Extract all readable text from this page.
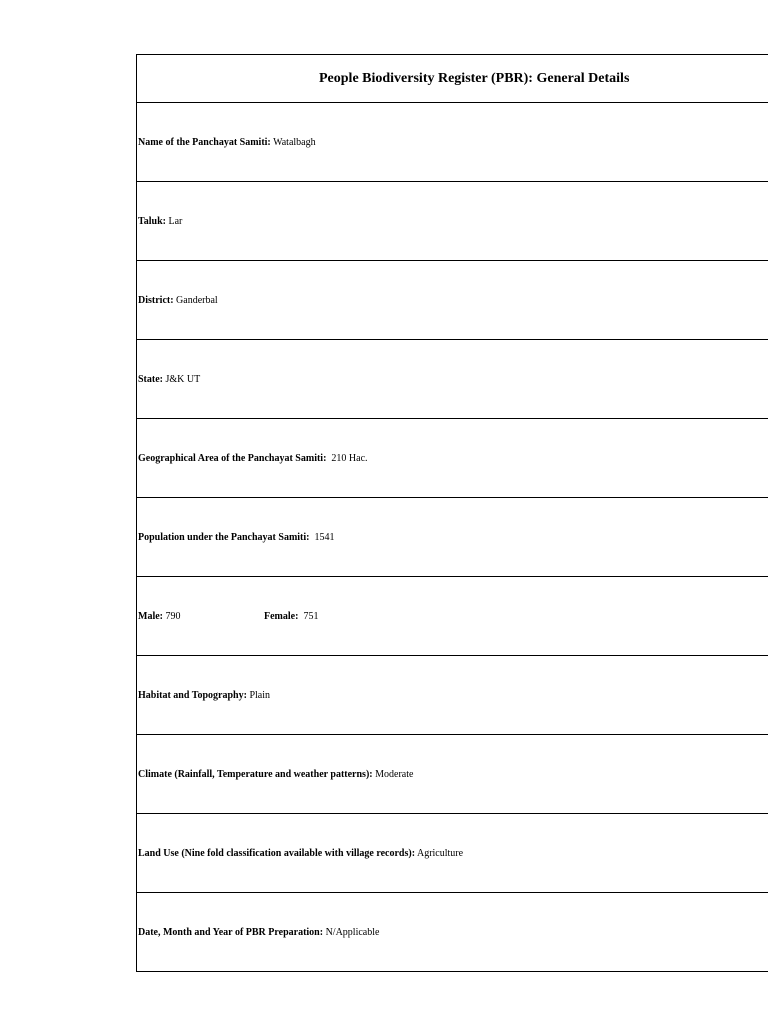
People Biodiversity Register (PBR): General Details
Name of the Panchayat Samiti: Watalbagh
Taluk: Lar
District: Ganderbal
State: J&K UT
Geographical Area of the Panchayat Samiti:  210 Hac.
Population under the Panchayat Samiti:  1541
Male: 790	Female:  751
Habitat and Topography: Plain
Climate (Rainfall, Temperature and weather patterns): Moderate
Land Use (Nine fold classification available with village records): Agriculture
Date, Month and Year of PBR Preparation: N/Applicable
